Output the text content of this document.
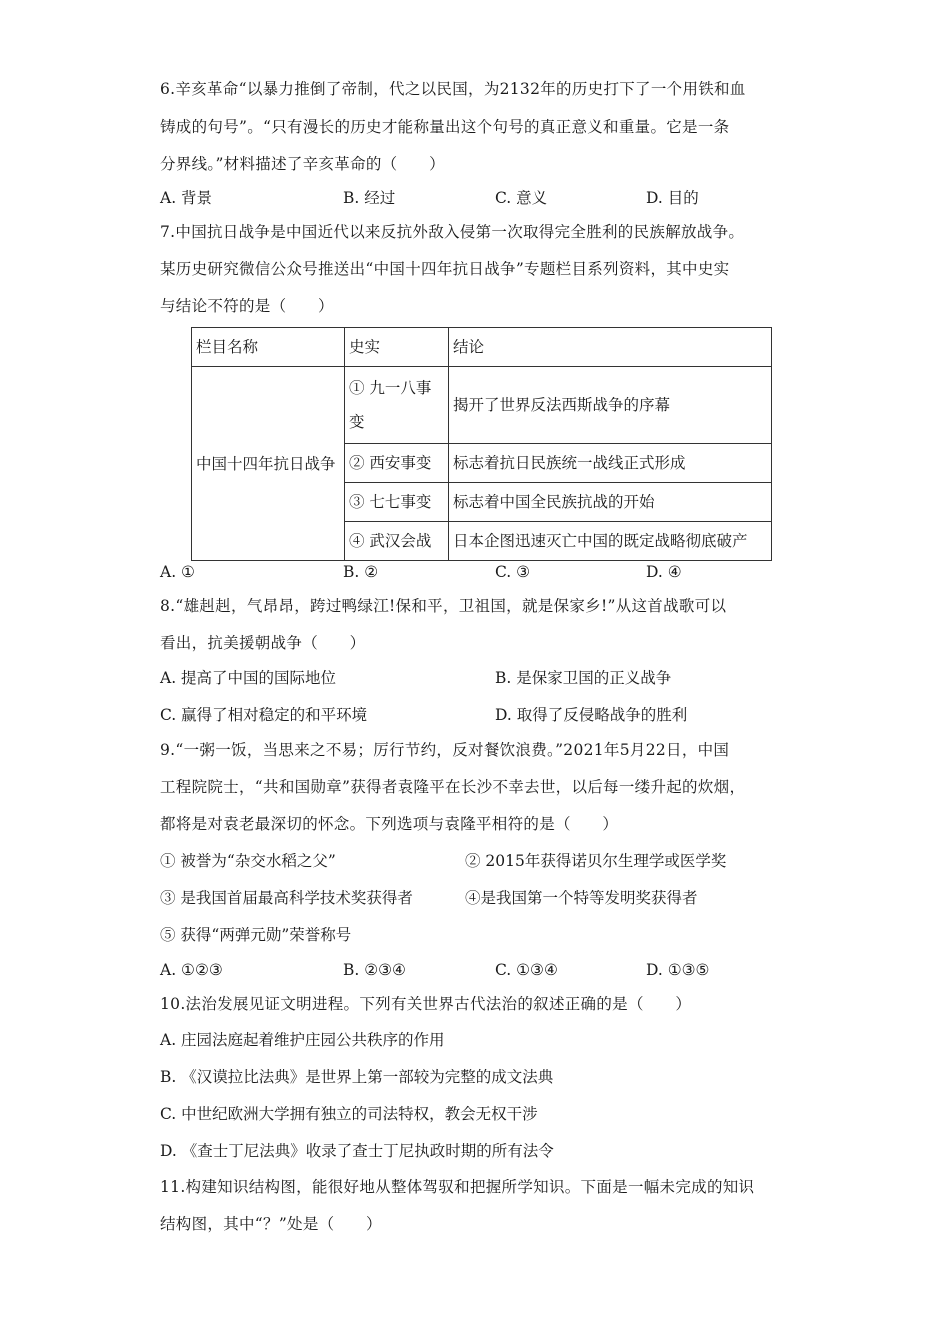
6.辛亥革命“以暴力推倒了帝制，代之以民国，为2132年的历史打下了一个用铁和血
铸成的句号”。“只有漫长的历史才能称量出这个句号的真正意义和重量。它是一条
分界线。”材料描述了辛亥革命的（　　）
A. 背景	B. 经过	C. 意义	D. 目的
7.中国抗日战争是中国近代以来反抗外敌入侵第一次取得完全胜利的民族解放战争。
某历史研究微信公众号推送出“中国十四年抗日战争”专题栏目系列资料，其中史实
与结论不符的是（　　）
栏目名称	史实	结论
中国十四年抗日战争	① 九一八事变	揭开了世界反法西斯战争的序幕
	② 西安事变	标志着抗日民族统一战线正式形成
	③ 七七事变	标志着中国全民族抗战的开始
	④ 武汉会战	日本企图迅速灭亡中国的既定战略彻底破产
A. ①	B. ②	C. ③	D. ④
8.“雄赳赳，气昂昂，跨过鸭绿江!保和平，卫祖国，就是保家乡!”从这首战歌可以
看出，抗美援朝战争（　　）
A. 提高了中国的国际地位	B. 是保家卫国的正义战争
C. 赢得了相对稳定的和平环境	D. 取得了反侵略战争的胜利
9.“一粥一饭，当思来之不易；厉行节约，反对餐饮浪费。”2021年5月22日，中国
工程院院士，“共和国勋章”获得者袁隆平在长沙不幸去世，以后每一缕升起的炊烟，
都将是对袁老最深切的怀念。下列选项与袁隆平相符的是（　　）
① 被誉为“杂交水稻之父”	② 2015年获得诺贝尔生理学或医学奖
③ 是我国首届最高科学技术奖获得者	④是我国第一个特等发明奖获得者
⑤ 获得“两弹元勋”荣誉称号
A. ①②③	B. ②③④	C. ①③④	D. ①③⑤
10.法治发展见证文明进程。下列有关世界古代法治的叙述正确的是（　　）
A. 庄园法庭起着维护庄园公共秩序的作用
B. 《汉谟拉比法典》是世界上第一部较为完整的成文法典
C. 中世纪欧洲大学拥有独立的司法特权，教会无权干涉
D. 《查士丁尼法典》收录了查士丁尼执政时期的所有法令
11.构建知识结构图，能很好地从整体驾驭和把握所学知识。下面是一幅未完成的知识
结构图，其中“？”处是（　　）
